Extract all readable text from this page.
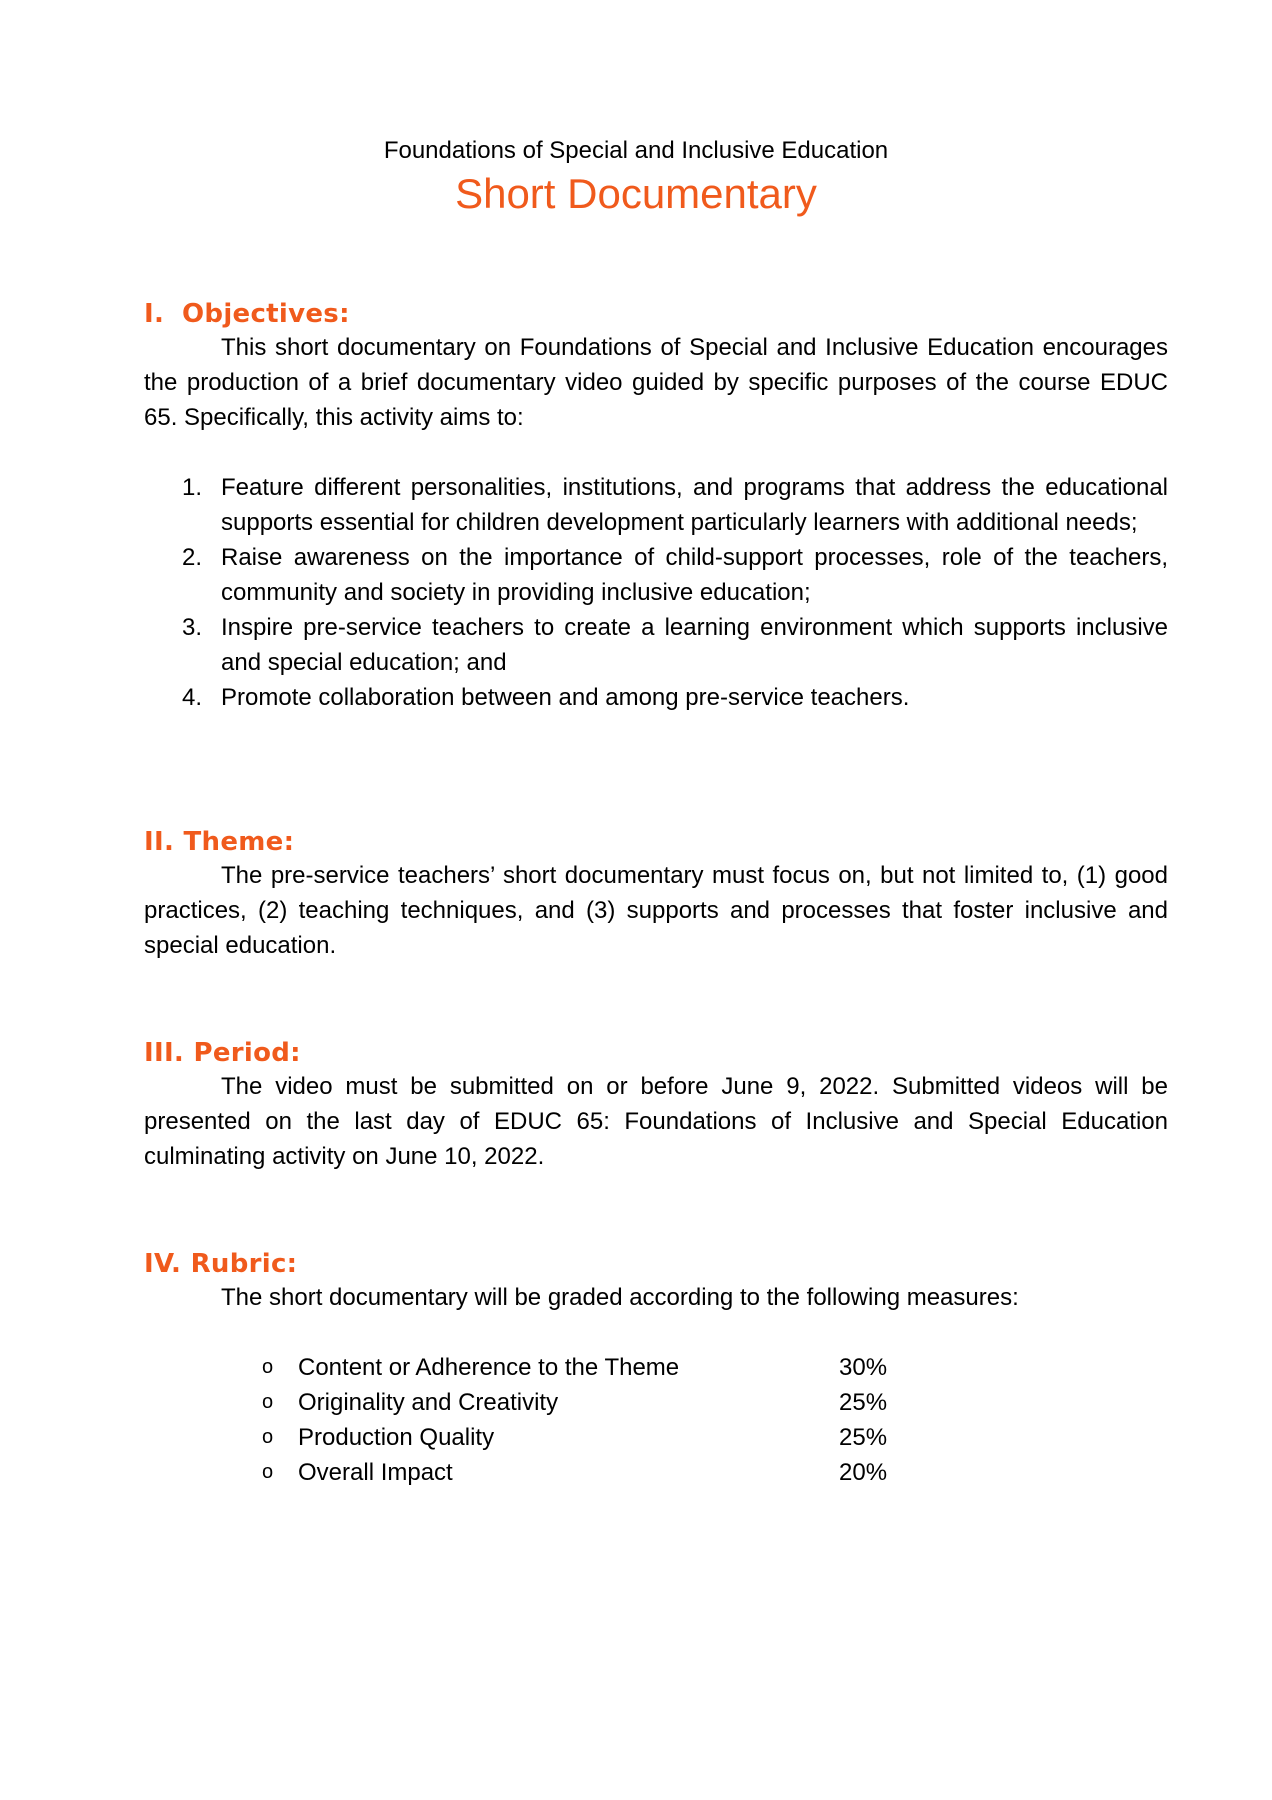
Foundations of Special and Inclusive Education
Short Documentary
I. Objectives:

This short documentary on Foundations of Special and Inclusive Education encourages the production of a brief documentary video guided by specific purposes of the course EDUC 65. Specifically, this activity aims to:

1. Feature different personalities, institutions, and programs that address the educational supports essential for children development particularly learners with additional needs;
2. Raise awareness on the importance of child-support processes, role of the teachers, community and society in providing inclusive education;
3. Inspire pre-service teachers to create a learning environment which supports inclusive and special education; and
4. Promote collaboration between and among pre-service teachers.
II. Theme:

The pre-service teachers’ short documentary must focus on, but not limited to, (1) good practices, (2) teaching techniques, and (3) supports and processes that foster inclusive and special education.

III. Period:

The video must be submitted on or before June 9, 2022. Submitted videos will be presented on the last day of EDUC 65: Foundations of Inclusive and Special Education culminating activity on June 10, 2022.

IV. Rubric:

The short documentary will be graded according to the following measures:

o Content or Adherence to the Theme	30%
o Originality and Creativity	25%
o Production Quality	25%
o Overall Impact	20%
